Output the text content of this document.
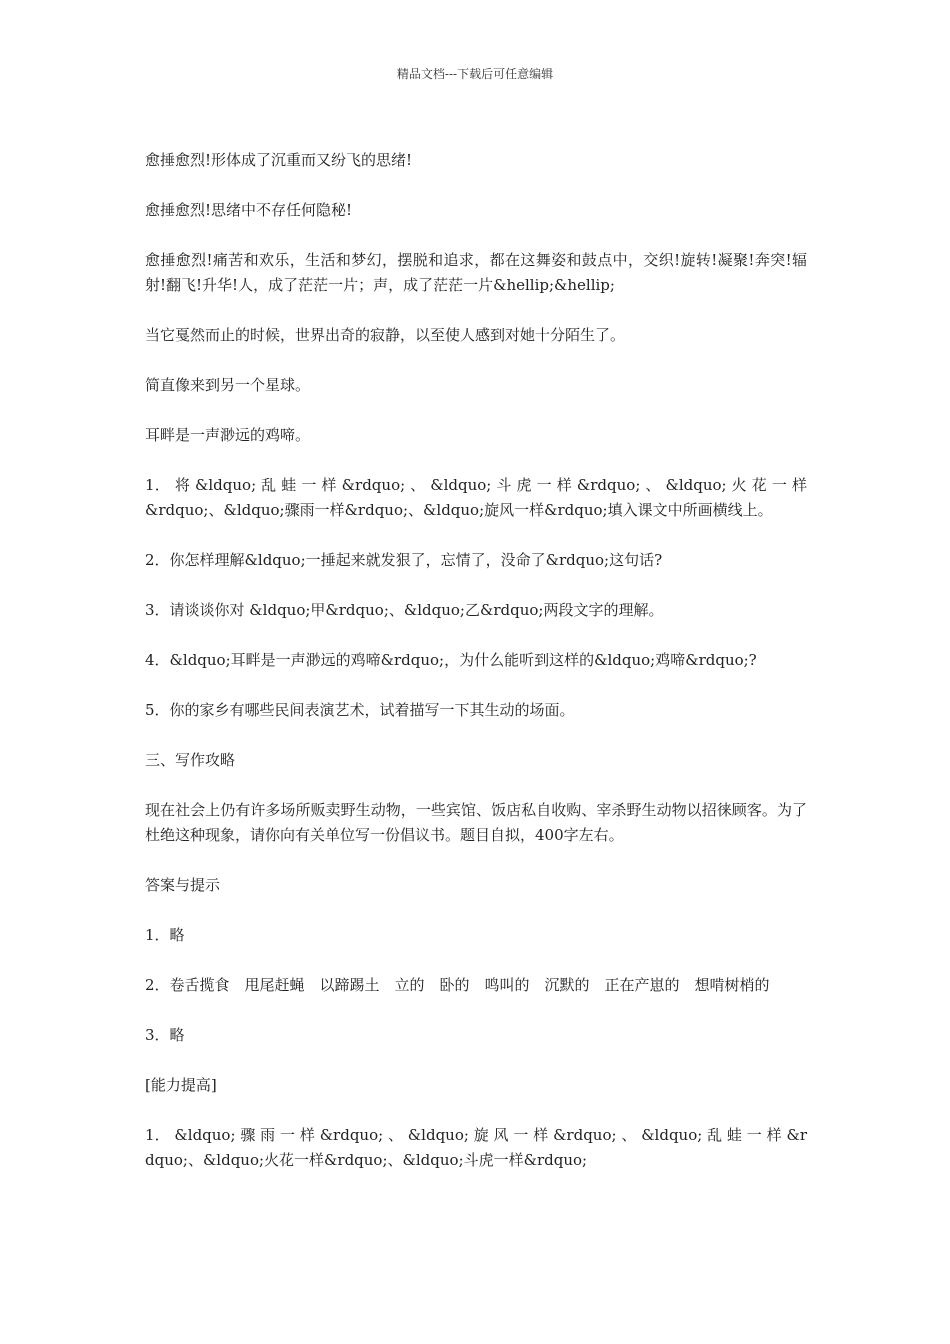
精品文档---下载后可任意编辑

愈捶愈烈!形体成了沉重而又纷飞的思绪!

愈捶愈烈!思绪中不存任何隐秘!

愈捶愈烈!痛苦和欢乐，生活和梦幻，摆脱和追求，都在这舞姿和鼓点中，交织!旋转!凝聚!奔突!辐射!翻飞!升华!人，成了茫茫一片；声，成了茫茫一片&hellip;&hellip;

当它戛然而止的时候，世界出奇的寂静，以至使人感到对她十分陌生了。

简直像来到另一个星球。

耳畔是一声渺远的鸡啼。

1． 将 &ldquo; 乱 蛙 一 样 &rdquo; 、 &ldquo; 斗 虎 一 样 &rdquo; 、 &ldquo; 火 花 一 样 &rdquo;、&ldquo;骤雨一样&rdquo;、&ldquo;旋风一样&rdquo;填入课文中所画横线上。

2．你怎样理解&ldquo;一捶起来就发狠了，忘情了，没命了&rdquo;这句话?

3．请谈谈你对 &ldquo;甲&rdquo;、&ldquo;乙&rdquo;两段文字的理解。

4．&ldquo;耳畔是一声渺远的鸡啼&rdquo;，为什么能听到这样的&ldquo;鸡啼&rdquo;?

5．你的家乡有哪些民间表演艺术，试着描写一下其生动的场面。

三、写作攻略

现在社会上仍有许多场所贩卖野生动物，一些宾馆、饭店私自收购、宰杀野生动物以招徕顾客。为了杜绝这种现象，请你向有关单位写一份倡议书。题目自拟，400字左右。

答案与提示

1．略

2．卷舌揽食　甩尾赶蝇　以蹄踢土　立的　卧的　鸣叫的　沉默的　正在产崽的　想啃树梢的

3．略

[能力提高]

1． &ldquo; 骤 雨 一 样 &rdquo; 、 &ldquo; 旋 风 一 样 &rdquo; 、 &ldquo; 乱 蛙 一 样 &rdquo;、&ldquo;火花一样&rdquo;、&ldquo;斗虎一样&rdquo;
